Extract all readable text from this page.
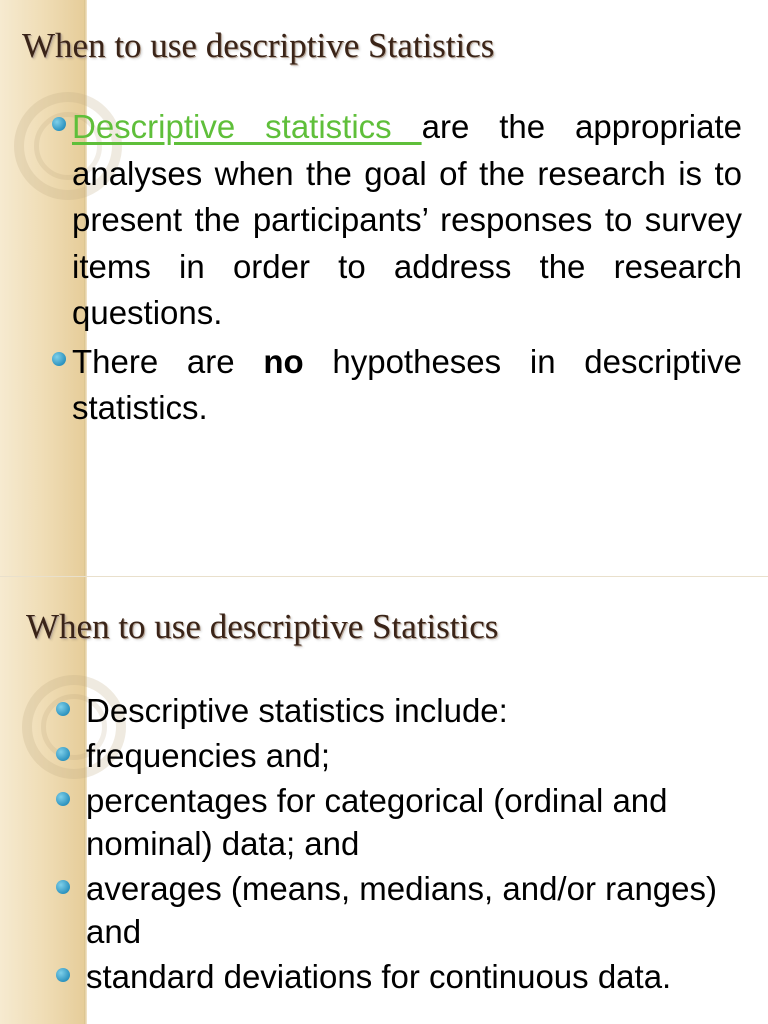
When to use descriptive Statistics
Descriptive statistics are the appropriate analyses when the goal of the research is to present the participants’ responses to survey items in order to address the research questions.
There are no hypotheses in descriptive statistics.
When to use descriptive Statistics
Descriptive statistics include:
frequencies and;
percentages for categorical (ordinal and nominal) data; and
averages (means, medians, and/or ranges) and
standard deviations for continuous data.
